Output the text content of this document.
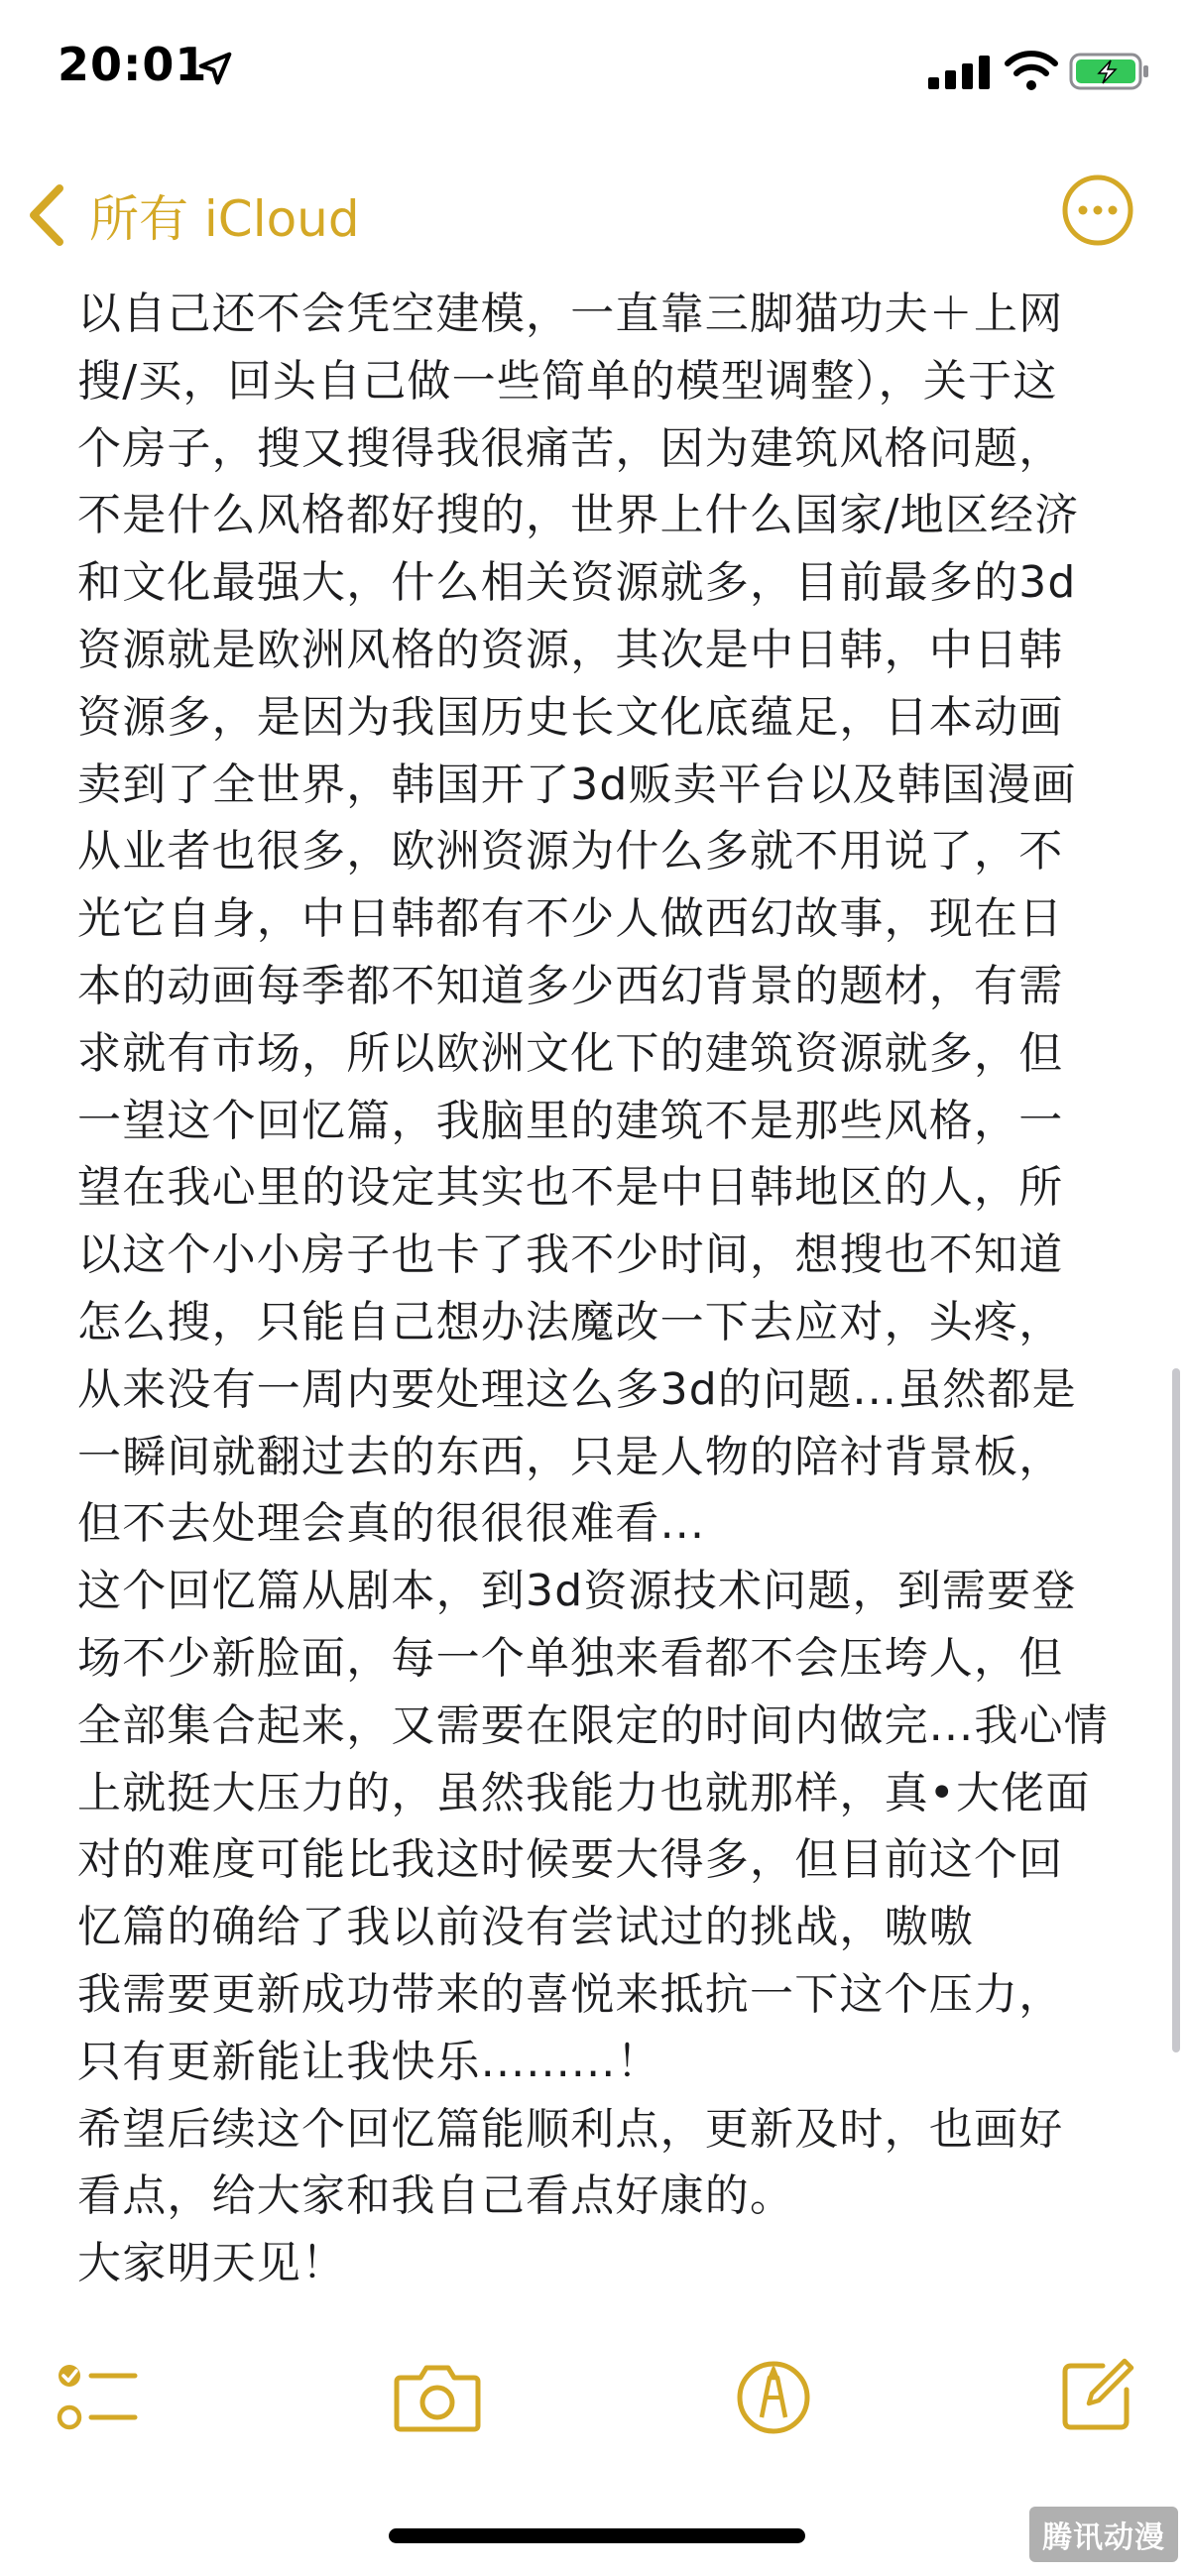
20:01
所有 iCloud
以自己还不会凭空建模，一直靠三脚猫功夫＋上网
搜/买，回头自己做一些简单的模型调整），关于这
个房子，搜又搜得我很痛苦，因为建筑风格问题，
不是什么风格都好搜的，世界上什么国家/地区经济
和文化最强大，什么相关资源就多，目前最多的3d
资源就是欧洲风格的资源，其次是中日韩，中日韩
资源多，是因为我国历史长文化底蕴足，日本动画
卖到了全世界，韩国开了3d贩卖平台以及韩国漫画
从业者也很多，欧洲资源为什么多就不用说了，不
光它自身，中日韩都有不少人做西幻故事，现在日
本的动画每季都不知道多少西幻背景的题材，有需
求就有市场，所以欧洲文化下的建筑资源就多，但
一望这个回忆篇，我脑里的建筑不是那些风格，一
望在我心里的设定其实也不是中日韩地区的人，所
以这个小小房子也卡了我不少时间，想搜也不知道
怎么搜，只能自己想办法魔改一下去应对，头疼，
从来没有一周内要处理这么多3d的问题...虽然都是
一瞬间就翻过去的东西，只是人物的陪衬背景板，
但不去处理会真的很很很难看...
这个回忆篇从剧本，到3d资源技术问题，到需要登
场不少新脸面，每一个单独来看都不会压垮人，但
全部集合起来，又需要在限定的时间内做完...我心情
上就挺大压力的，虽然我能力也就那样，真•大佬面
对的难度可能比我这时候要大得多，但目前这个回
忆篇的确给了我以前没有尝试过的挑战，嗷嗷
我需要更新成功带来的喜悦来抵抗一下这个压力，
只有更新能让我快乐.........！
希望后续这个回忆篇能顺利点，更新及时，也画好
看点，给大家和我自己看点好康的。
大家明天见！
腾讯动漫
